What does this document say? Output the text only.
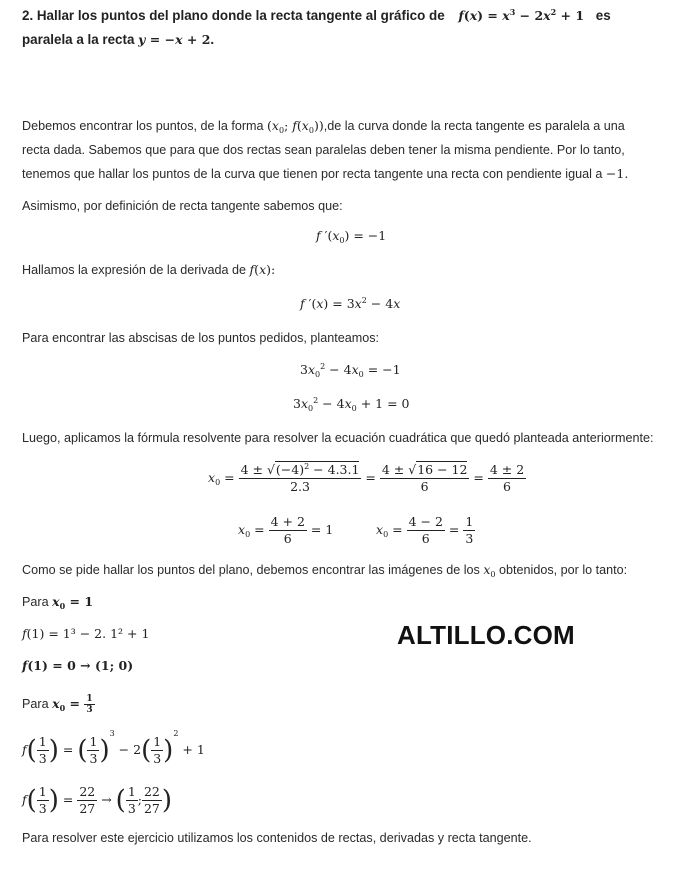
2. Hallar los puntos del plano donde la recta tangente al gráfico de $f(x) = x^3 - 2x^2 + 1$ es
paralela a la recta y = −x + 2.
Debemos encontrar los puntos, de la forma ($x_0$; $f(x_0)),de$ la curva donde la recta tangente es paralela a una
recta dada. Sabemos que para que dos rectas sean paralelas deben tener la misma pendiente. Por lo tanto,
tenemos que hallar los puntos de la curva que tienen por recta tangente una recta con pendiente igual a −1.
Asimismo, por definición de recta tangente sabemos que:
f $'(x_0) = -1$
Hallamos la expresión de la derivada de f(x):
f $'(x) = 3x^2 - 4x$
Para encontrar las abscisas de los puntos pedidos, planteamos:
$3x_0^2 - 4x_0 = -1$
$3x_0^2 - 4x_0 + 1 = 0$
Luego, aplicamos la fórmula resolvente para resolver la ecuación cuadrática que quedó planteada anteriormente:
$x_0 = \frac{4 \pm √(-4)^2 - 4.3.1}{2.3} = \frac{4 \pm √16 - 12}{6} = \frac{4 \pm 2}{6}$
$x_0 = \frac{4 + 2}{6} = 1$	$x_0 = \frac{4 - 2}{6} = \frac{1}{3}$
Como se pide hallar los puntos del plano, debemos encontrar las imágenes de los $x_0$ obtenidos, por lo tanto:
Para $x_0 = 1$
f(1) = 1³ − 2. 1² + 1
f(1) = 0 → (1; 0)
Para $x_0 = \frac{1}{3}$
$f( \frac{1}{3}$ ) = ( $\frac{1}{3} )^3 - 2( \frac{1}{3} )^2 + 1$
$f( \frac{1}{3}$ ) = $\frac{22}{27}$ → ( $\frac{1}{3}$ ; $\frac{22}{27}$ )
Para resolver este ejercicio utilizamos los contenidos de rectas, derivadas y recta tangente.
ALTILLO.COM
